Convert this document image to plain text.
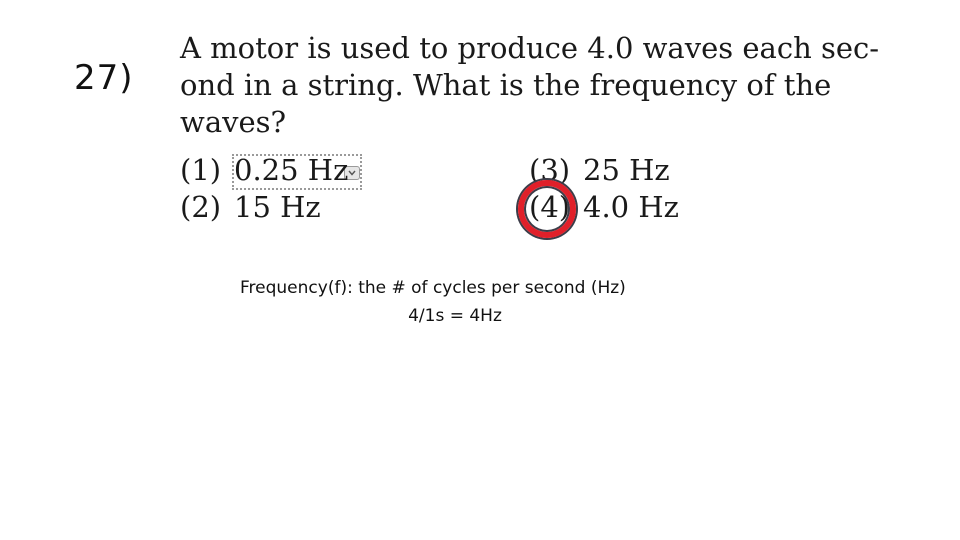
27)
A motor is used to produce 4.0 waves each sec-
ond in a string. What is the frequency of the
waves?
(1) 0.25 Hz
(2) 15 Hz
(3) 25 Hz
(4) 4.0 Hz
Frequency(f): the # of cycles per second (Hz)
4/1s = 4Hz
